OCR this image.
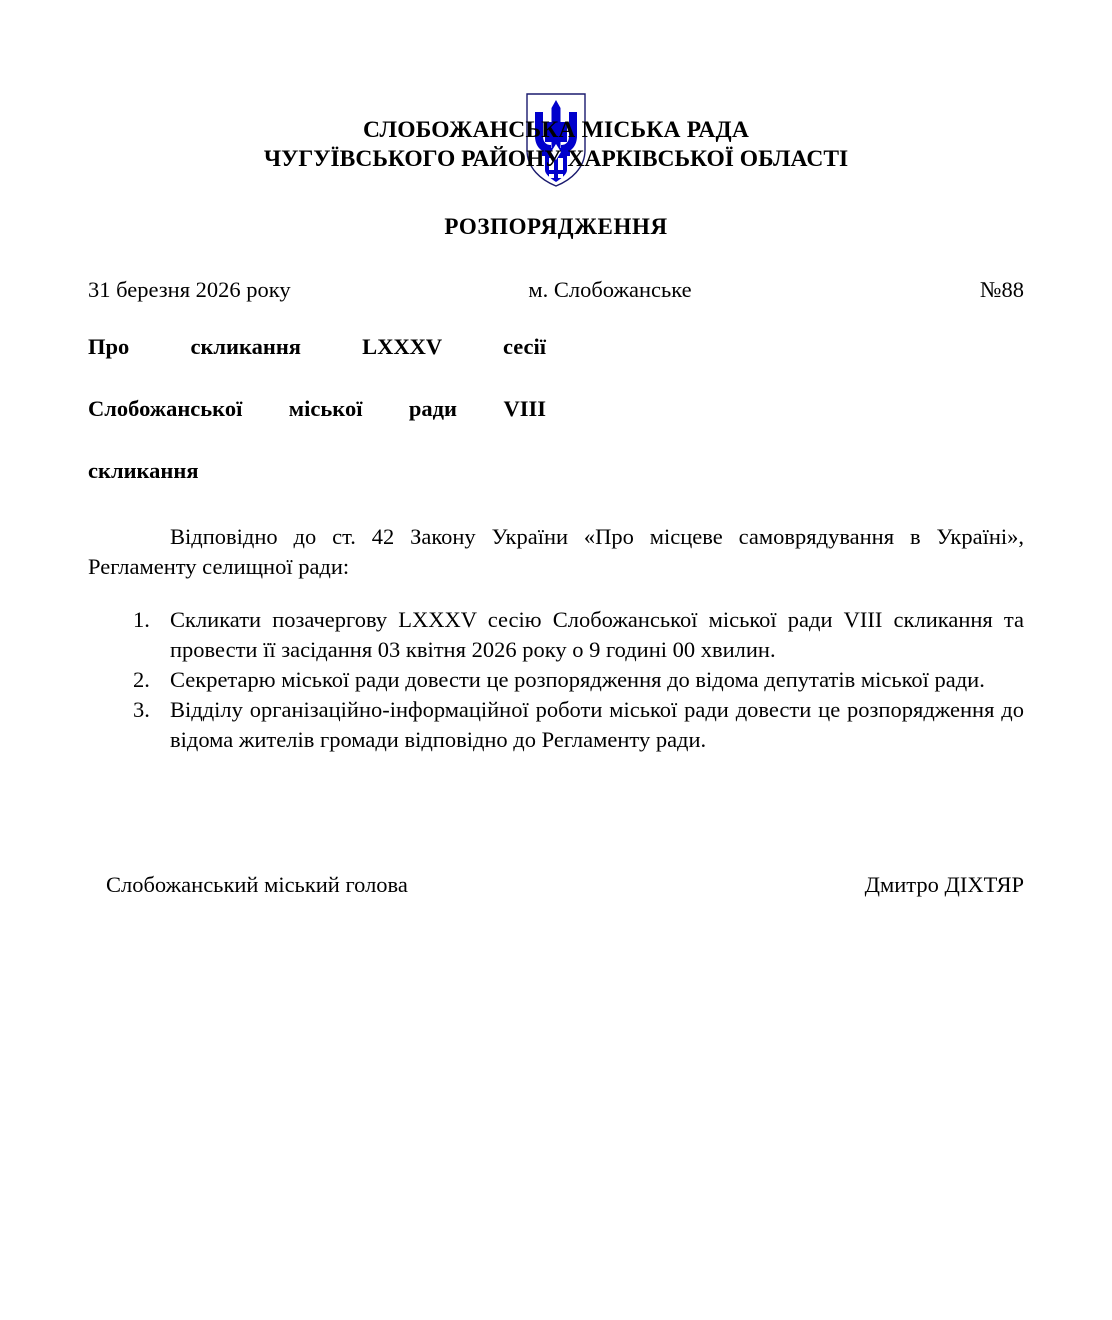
СЛОБОЖАНСЬКА МІСЬКА РАДА
ЧУГУЇВСЬКОГО РАЙОНУ ХАРКІВСЬКОЇ ОБЛАСТІ
РОЗПОРЯДЖЕННЯ
31 березня 2026 року	м. Слобожанське	№88
Про скликання LXXXV сесії
Слобожанської міської ради VIII
скликання

Відповідно до ст. 42 Закону України «Про місцеве самоврядування в Україні», Регламенту селищної ради:

Скликати позачергову LXXXV сесію Слобожанської міської ради VIII скликання та провести її засідання 03 квітня 2026 року о 9 годині 00 хвилин.
Секретарю міської ради довести це розпорядження до відома депутатів міської ради.
Відділу організаційно-інформаційної роботи міської ради довести це розпорядження до відома жителів громади відповідно до Регламенту ради.
Слобожанський міський голова	Дмитро ДІХТЯР
